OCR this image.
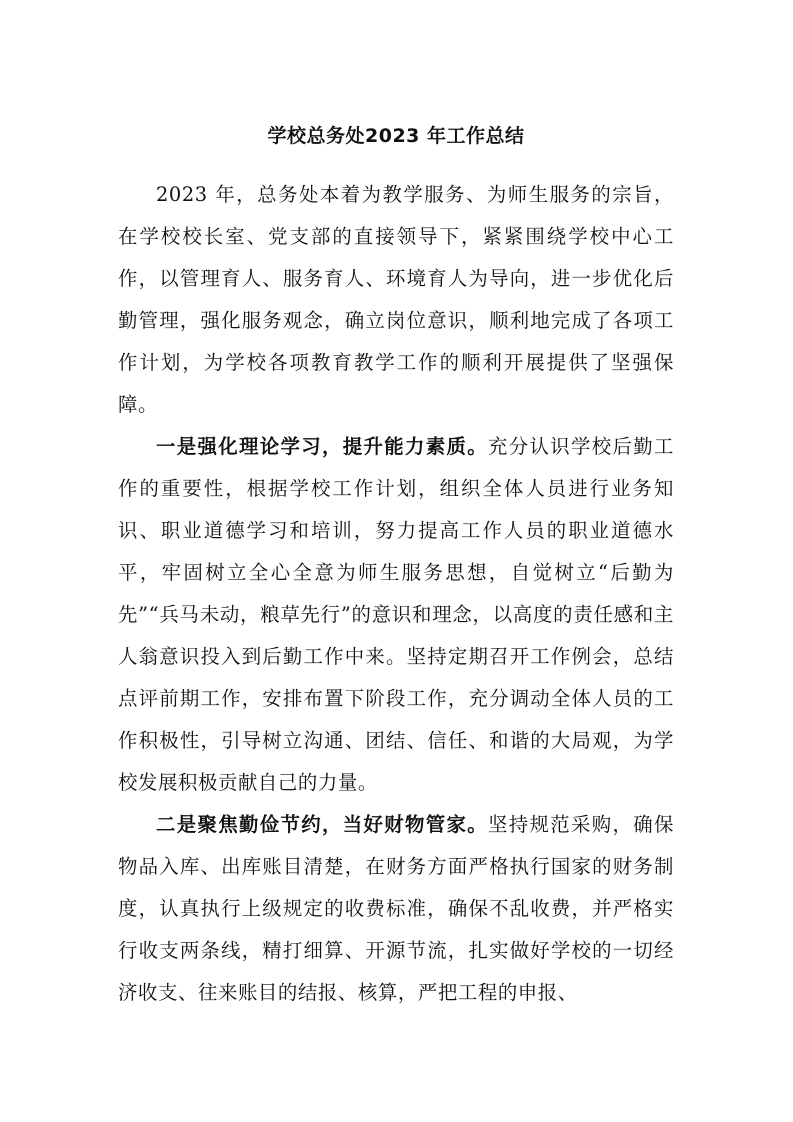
学校总务处2023 年工作总结

2023 年，总务处本着为教学服务、为师生服务的宗旨，在学校校长室、党支部的直接领导下，紧紧围绕学校中心工作，以管理育人、服务育人、环境育人为导向，进一步优化后勤管理，强化服务观念，确立岗位意识，顺利地完成了各项工作计划，为学校各项教育教学工作的顺利开展提供了坚强保障。

一是强化理论学习，提升能力素质。充分认识学校后勤工作的重要性，根据学校工作计划，组织全体人员进行业务知识、职业道德学习和培训，努力提高工作人员的职业道德水平，牢固树立全心全意为师生服务思想，自觉树立“后勤为先”“兵马未动，粮草先行”的意识和理念，以高度的责任感和主人翁意识投入到后勤工作中来。坚持定期召开工作例会，总结点评前期工作，安排布置下阶段工作，充分调动全体人员的工作积极性，引导树立沟通、团结、信任、和谐的大局观，为学校发展积极贡献自己的力量。

二是聚焦勤俭节约，当好财物管家。坚持规范采购，确保物品入库、出库账目清楚，在财务方面严格执行国家的财务制度，认真执行上级规定的收费标准，确保不乱收费，并严格实行收支两条线，精打细算、开源节流，扎实做好学校的一切经济收支、往来账目的结报、核算，严把工程的申报、
